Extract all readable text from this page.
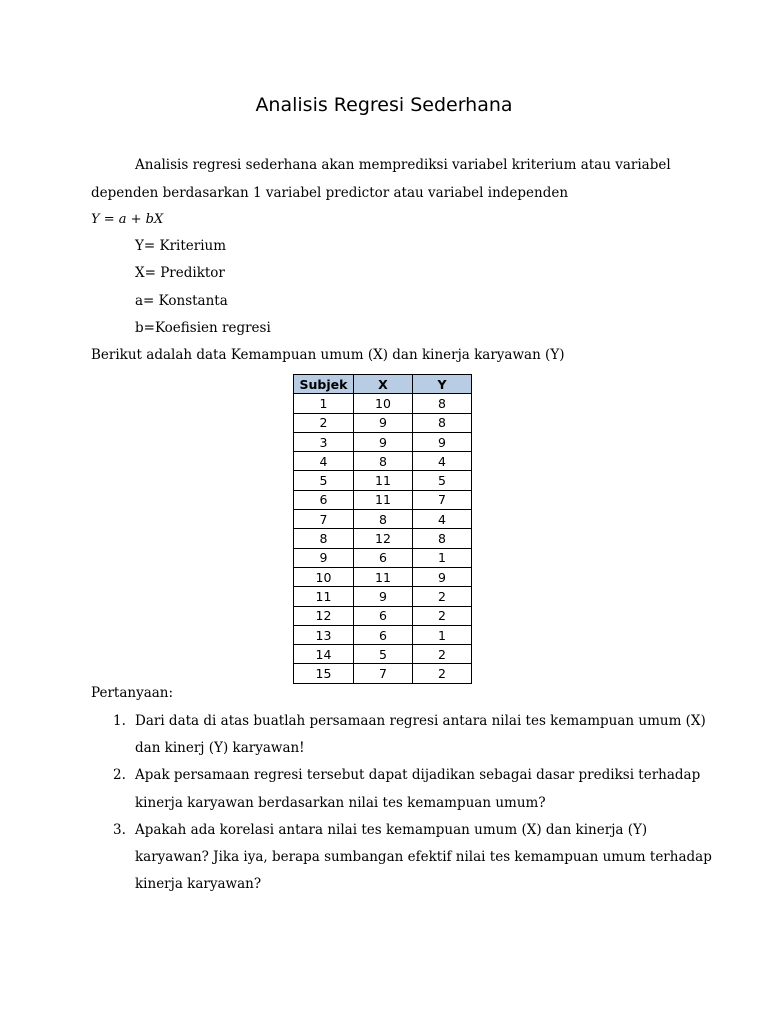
Analisis Regresi Sederhana
Analisis regresi sederhana akan memprediksi variabel kriterium atau variabel
dependen berdasarkan 1 variabel predictor atau variabel independen
Y = a + bX
Y= Kriterium
X= Prediktor
a= Konstanta
b=Koefisien regresi
Berikut adalah data Kemampuan umum (X) dan kinerja karyawan (Y)
Subjek	X	Y
1	10	8
2	9	8
3	9	9
4	8	4
5	11	5
6	11	7
7	8	4
8	12	8
9	6	1
10	11	9
11	9	2
12	6	2
13	6	1
14	5	2
15	7	2
Pertanyaan:
1. Dari data di atas buatlah persamaan regresi antara nilai tes kemampuan umum (X)
dan kinerj (Y) karyawan!
2. Apak persamaan regresi tersebut dapat dijadikan sebagai dasar prediksi terhadap
kinerja karyawan berdasarkan nilai tes kemampuan umum?
3. Apakah ada korelasi antara nilai tes kemampuan umum (X) dan kinerja (Y)
karyawan? Jika iya, berapa sumbangan efektif nilai tes kemampuan umum terhadap
kinerja karyawan?
